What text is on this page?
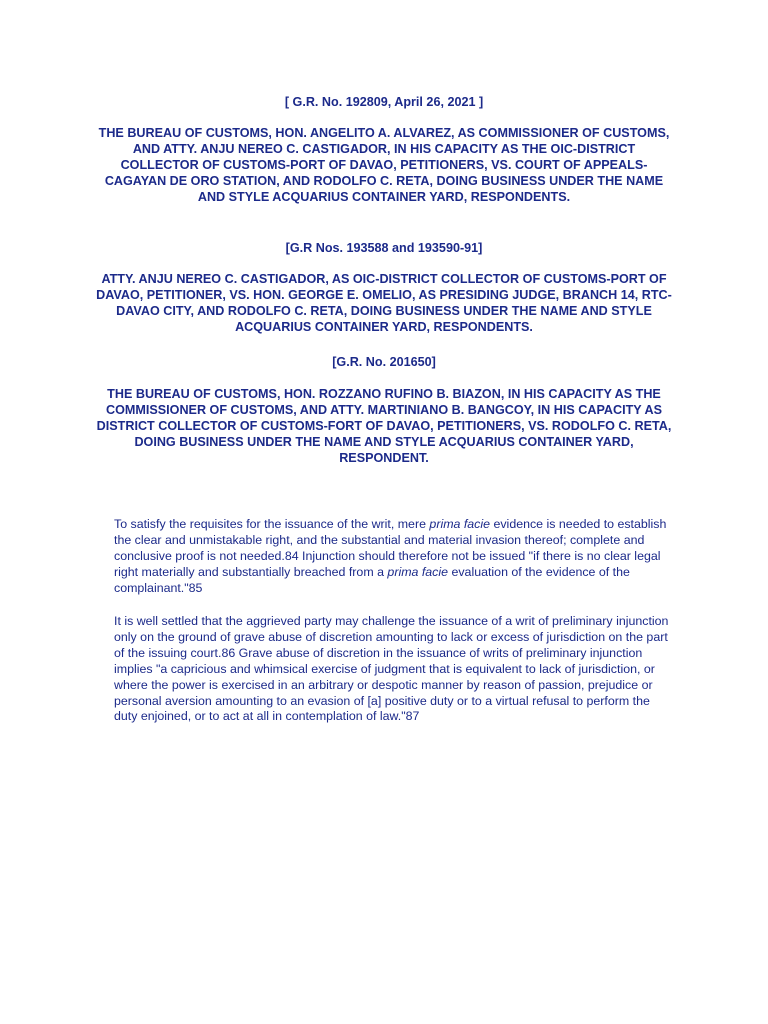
[ G.R. No. 192809, April 26, 2021 ]

THE BUREAU OF CUSTOMS, HON. ANGELITO A. ALVAREZ, AS COMMISSIONER OF CUSTOMS, AND ATTY. ANJU NEREO C. CASTIGADOR, IN HIS CAPACITY AS THE OIC-DISTRICT COLLECTOR OF CUSTOMS-PORT OF DAVAO, PETITIONERS, VS. COURT OF APPEALS-CAGAYAN DE ORO STATION, AND RODOLFO C. RETA, DOING BUSINESS UNDER THE NAME AND STYLE ACQUARIUS CONTAINER YARD, RESPONDENTS.

[G.R Nos. 193588 and 193590-91]

ATTY. ANJU NEREO C. CASTIGADOR, AS OIC-DISTRICT COLLECTOR OF CUSTOMS-PORT OF DAVAO, PETITIONER, VS. HON. GEORGE E. OMELIO, AS PRESIDING JUDGE, BRANCH 14, RTC-DAVAO CITY, AND RODOLFO C. RETA, DOING BUSINESS UNDER THE NAME AND STYLE ACQUARIUS CONTAINER YARD, RESPONDENTS.

[G.R. No. 201650]

THE BUREAU OF CUSTOMS, HON. ROZZANO RUFINO B. BIAZON, IN HIS CAPACITY AS THE COMMISSIONER OF CUSTOMS, AND ATTY. MARTINIANO B. BANGCOY, IN HIS CAPACITY AS DISTRICT COLLECTOR OF CUSTOMS-FORT OF DAVAO, PETITIONERS, VS. RODOLFO C. RETA, DOING BUSINESS UNDER THE NAME AND STYLE ACQUARIUS CONTAINER YARD, RESPONDENT.

To satisfy the requisites for the issuance of the writ, mere prima facie evidence is needed to establish the clear and unmistakable right, and the substantial and material invasion thereof; complete and conclusive proof is not needed.84 Injunction should therefore not be issued "if there is no clear legal right materially and substantially breached from a prima facie evaluation of the evidence of the complainant."85

It is well settled that the aggrieved party may challenge the issuance of a writ of preliminary injunction only on the ground of grave abuse of discretion amounting to lack or excess of jurisdiction on the part of the issuing court.86 Grave abuse of discretion in the issuance of writs of preliminary injunction implies "a capricious and whimsical exercise of judgment that is equivalent to lack of jurisdiction, or where the power is exercised in an arbitrary or despotic manner by reason of passion, prejudice or personal aversion amounting to an evasion of [a] positive duty or to a virtual refusal to perform the duty enjoined, or to act at all in contemplation of law."87
